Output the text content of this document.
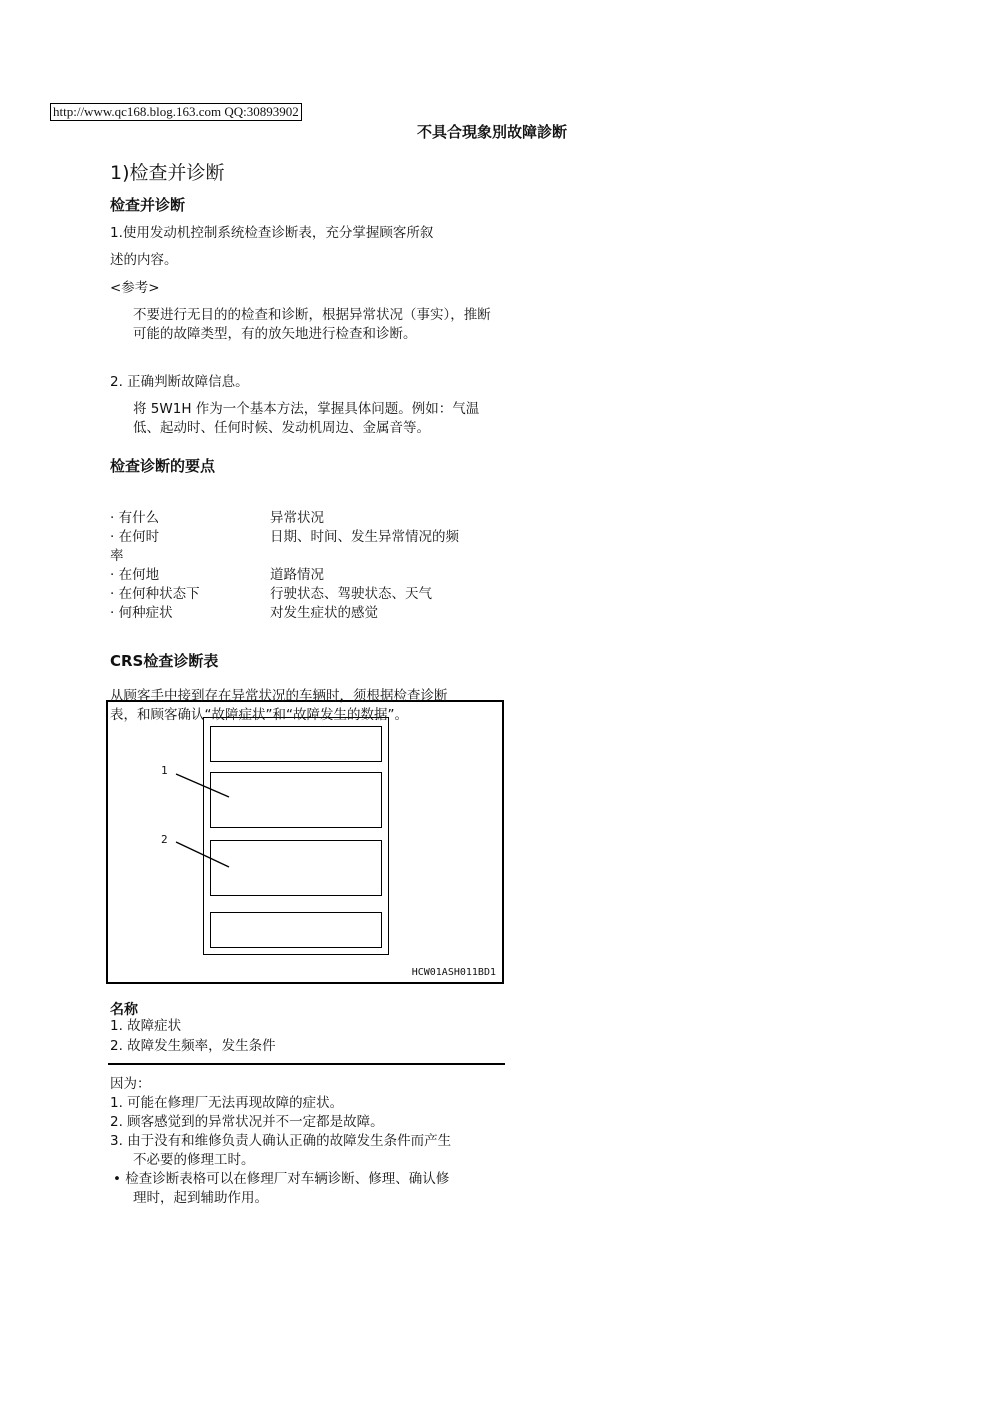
http://www.qc168.blog.163.com QQ:30893902
不具合現象別故障診断
1)检查并诊断
检查并诊断
1.使用发动机控制系统检查诊断表，充分掌握顾客所叙
述的内容。
<参考>
不要进行无目的的检查和诊断，根据异常状况（事实），推断可能的故障类型，有的放矢地进行检查和诊断。
2. 正确判断故障信息。
将 5W1H 作为一个基本方法，掌握具体问题。例如：气温低、起动时、任何时候、发动机周边、金属音等。
检查诊断的要点
· 有什么	异常状况
· 在何时	日期、时间、发生异常情况的频
率
· 在何地	道路情况
· 在何种状态下	行驶状态、驾驶状态、天气
· 何种症状	对发生症状的感觉
CRS检查诊断表
1
2
HCW01ASH011BD1
从顾客手中接到存在异常状况的车辆时，须根据检查诊断
表，和顾客确认“故障症状”和“故障发生的数据”。
名称
1. 故障症状
2. 故障发生频率，发生条件
因为：
1. 可能在修理厂无法再现故障的症状。
2. 顾客感觉到的异常状况并不一定都是故障。
3. 由于没有和维修负责人确认正确的故障发生条件而产生
不必要的修理工时。
• 检查诊断表格可以在修理厂对车辆诊断、修理、确认修
理时，起到辅助作用。
